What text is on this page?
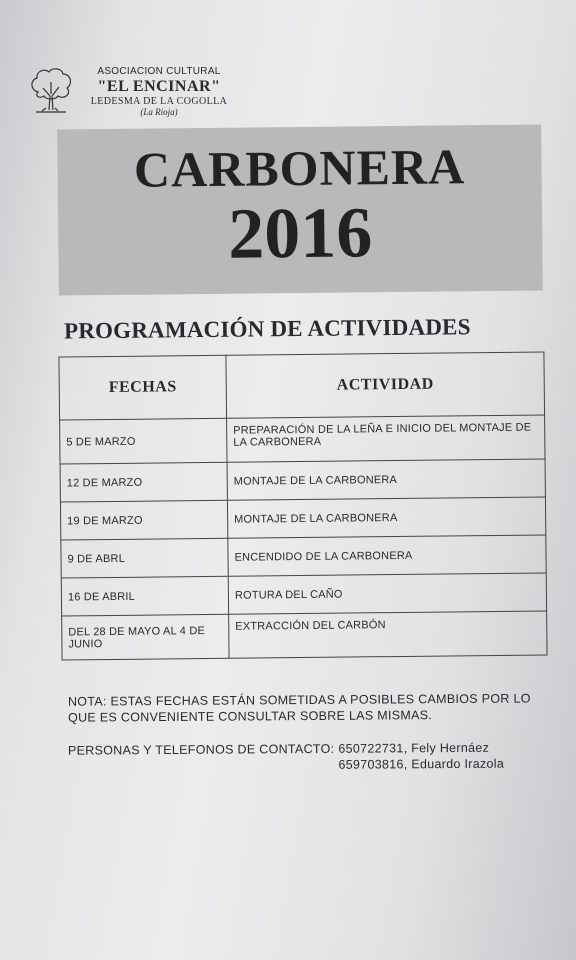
ASOCIACION CULTURAL
"EL ENCINAR"
LEDESMA DE LA COGOLLA
(La Rioja)
CARBONERA
2016
PROGRAMACIÓN DE ACTIVIDADES
FECHAS	ACTIVIDAD
5 DE MARZO	PREPARACIÓN DE LA LEÑA E INICIO DEL MONTAJE DE LA CARBONERA
12 DE MARZO	MONTAJE DE LA CARBONERA
19 DE MARZO	MONTAJE DE LA CARBONERA
9 DE ABRL	ENCENDIDO DE LA CARBONERA
16 DE ABRIL	ROTURA DEL CAÑO
DEL 28 DE MAYO AL 4 DE JUNIO	EXTRACCIÓN DEL CARBÓN
NOTA: ESTAS FECHAS ESTÁN SOMETIDAS A POSIBLES CAMBIOS POR LO QUE ES CONVENIENTE CONSULTAR SOBRE LAS MISMAS.
PERSONAS Y TELEFONOS DE CONTACTO: 650722731, Fely Hernáez
659703816, Eduardo Irazola
